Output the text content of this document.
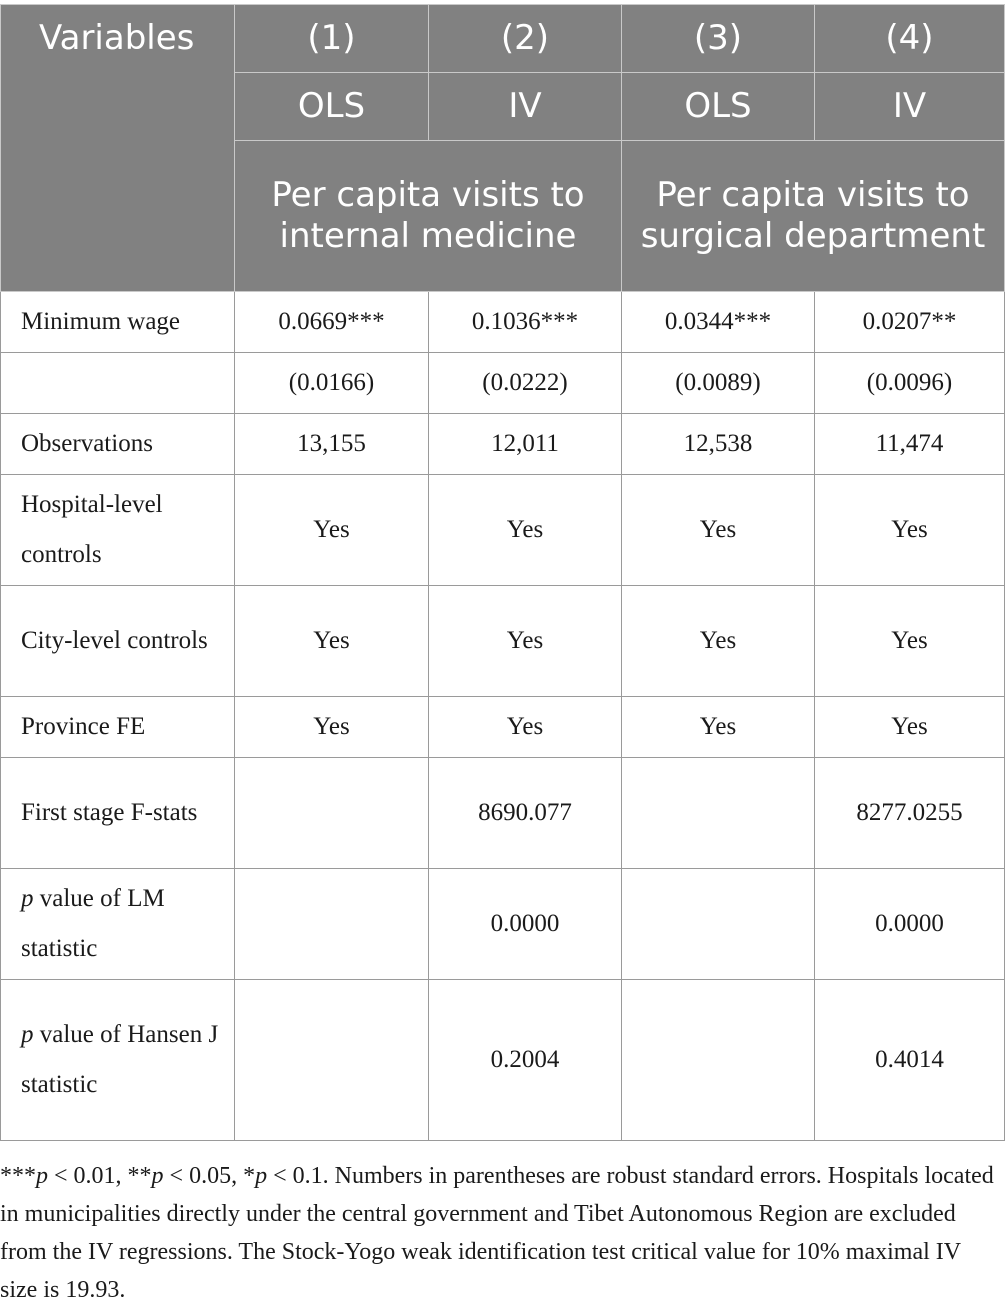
Variables	(1)	(2)	(3)	(4)
	OLS	IV	OLS	IV
	Per capita visits to internal medicine		Per capita visits to surgical department	
Minimum wage	0.0669***	0.1036***	0.0344***	0.0207**
	(0.0166)	(0.0222)	(0.0089)	(0.0096)
Observations	13,155	12,011	12,538	11,474
Hospital-level controls	Yes	Yes	Yes	Yes
City-level controls	Yes	Yes	Yes	Yes
Province FE	Yes	Yes	Yes	Yes
First stage F-stats		8690.077		8277.0255
p value of LM statistic		0.0000		0.0000
p value of Hansen J statistic		0.2004		0.4014

***p < 0.01, **p < 0.05, *p < 0.1. Numbers in parentheses are robust standard errors. Hospitals located in municipalities directly under the central government and Tibet Autonomous Region are excluded from the IV regressions. The Stock-Yogo weak identification test critical value for 10% maximal IV size is 19.93.
